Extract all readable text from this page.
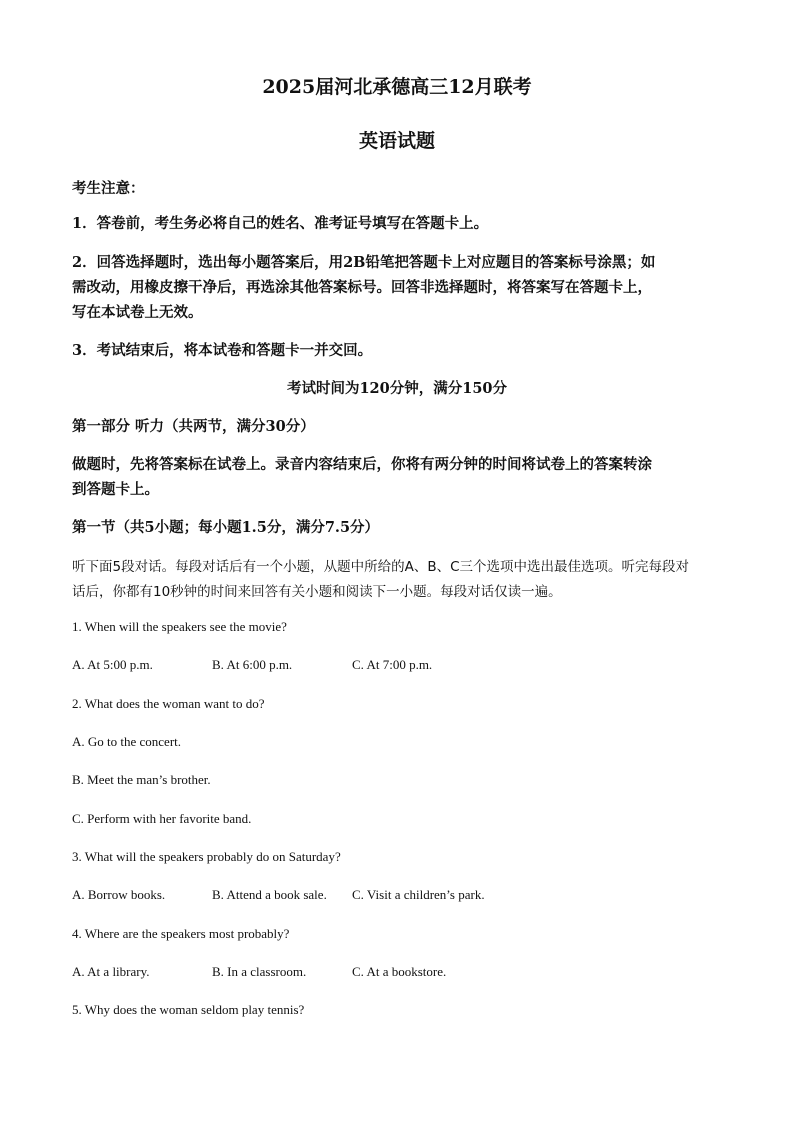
2025届河北承德高三12月联考
英语试题
考生注意：
1．答卷前，考生务必将自己的姓名、准考证号填写在答题卡上。
2．回答选择题时，选出每小题答案后，用2B铅笔把答题卡上对应题目的答案标号涂黑；如
需改动，用橡皮擦干净后，再选涂其他答案标号。回答非选择题时，将答案写在答题卡上，
写在本试卷上无效。
3．考试结束后，将本试卷和答题卡一并交回。
考试时间为120分钟，满分150分
第一部分 听力（共两节，满分30分）
做题时，先将答案标在试卷上。录音内容结束后，你将有两分钟的时间将试卷上的答案转涂
到答题卡上。
第一节（共5小题；每小题1.5分，满分7.5分）
听下面5段对话。每段对话后有一个小题，从题中所给的A、B、C三个选项中选出最佳选项。听完每段对
话后，你都有10秒钟的时间来回答有关小题和阅读下一小题。每段对话仅读一遍。
1. When will the speakers see the movie?
A. At 5:00 p.m.	B. At 6:00 p.m.	C. At 7:00 p.m.
2. What does the woman want to do?
A. Go to the concert.
B. Meet the man’s brother.
C. Perform with her favorite band.
3. What will the speakers probably do on Saturday?
A. Borrow books.	B. Attend a book sale. C. Visit a children’s park.
4. Where are the speakers most probably?
A. At a library.	B. In a classroom.	C. At a bookstore.
5. Why does the woman seldom play tennis?
